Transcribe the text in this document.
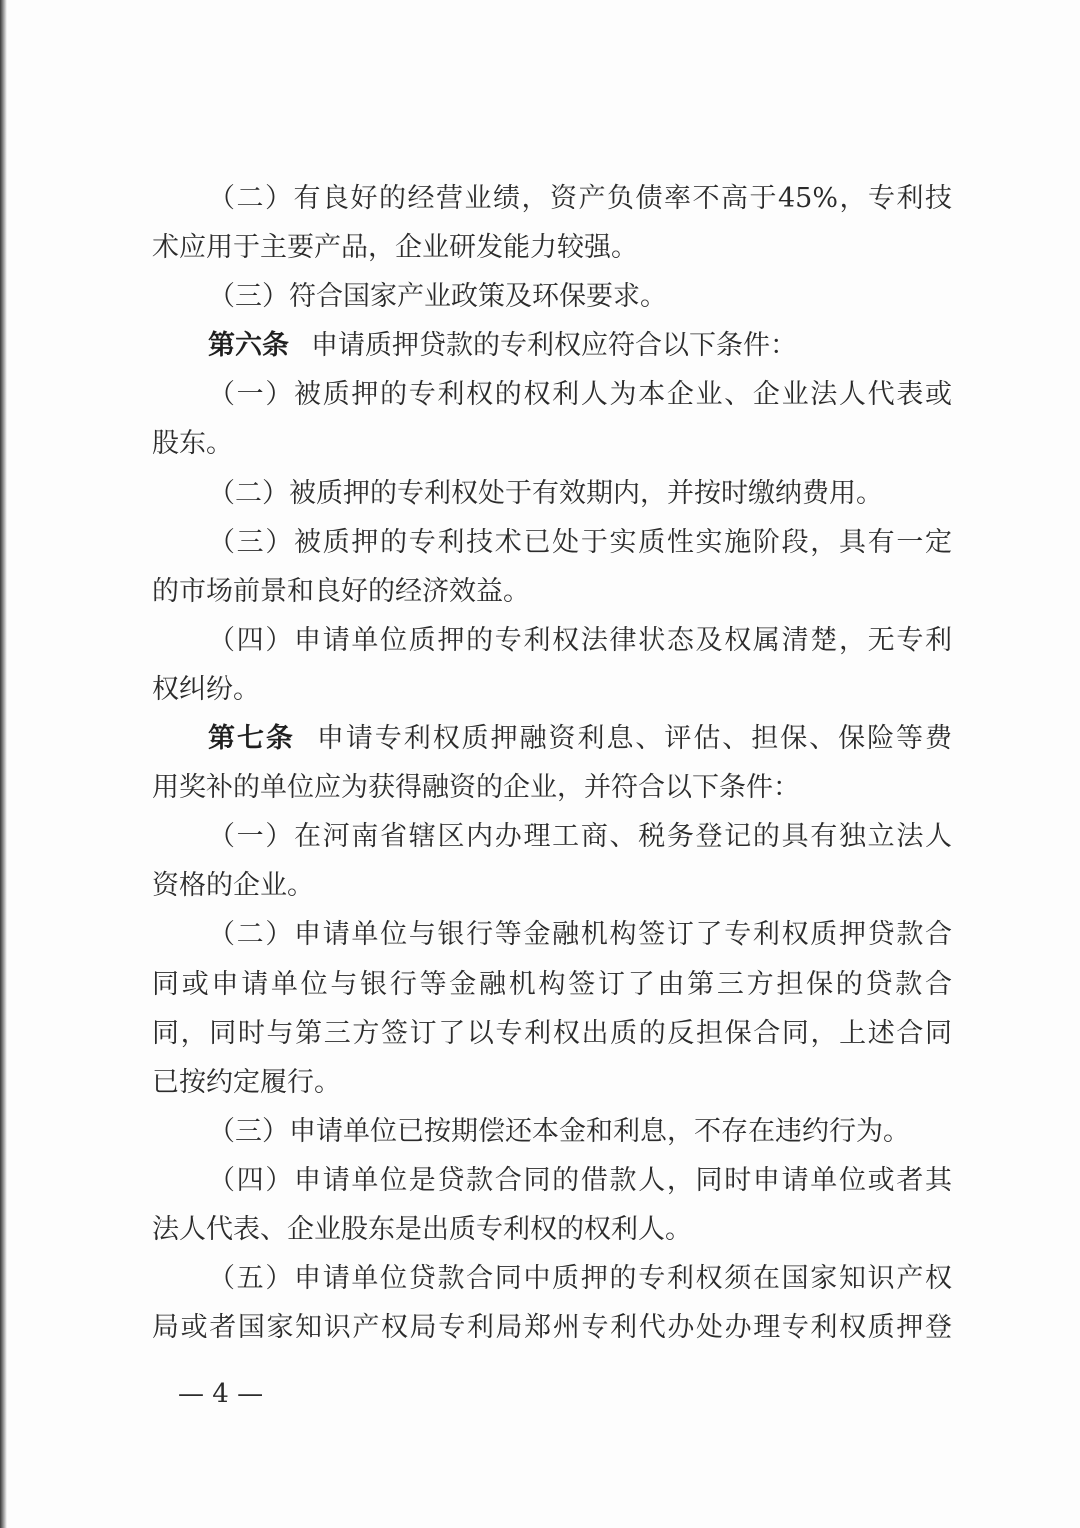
（二）有良好的经营业绩，资产负债率不高于45%，专利技
术应用于主要产品，企业研发能力较强。
（三）符合国家产业政策及环保要求。
第六条 申请质押贷款的专利权应符合以下条件：
（一）被质押的专利权的权利人为本企业、企业法人代表或
股东。
（二）被质押的专利权处于有效期内，并按时缴纳费用。
（三）被质押的专利技术已处于实质性实施阶段，具有一定
的市场前景和良好的经济效益。
（四）申请单位质押的专利权法律状态及权属清楚，无专利
权纠纷。
第七条 申请专利权质押融资利息、评估、担保、保险等费
用奖补的单位应为获得融资的企业，并符合以下条件：
（一）在河南省辖区内办理工商、税务登记的具有独立法人
资格的企业。
（二）申请单位与银行等金融机构签订了专利权质押贷款合
同或申请单位与银行等金融机构签订了由第三方担保的贷款合
同，同时与第三方签订了以专利权出质的反担保合同，上述合同
已按约定履行。
（三）申请单位已按期偿还本金和利息，不存在违约行为。
（四）申请单位是贷款合同的借款人，同时申请单位或者其
法人代表、企业股东是出质专利权的权利人。
（五）申请单位贷款合同中质押的专利权须在国家知识产权
局或者国家知识产权局专利局郑州专利代办处办理专利权质押登
— 4 —
